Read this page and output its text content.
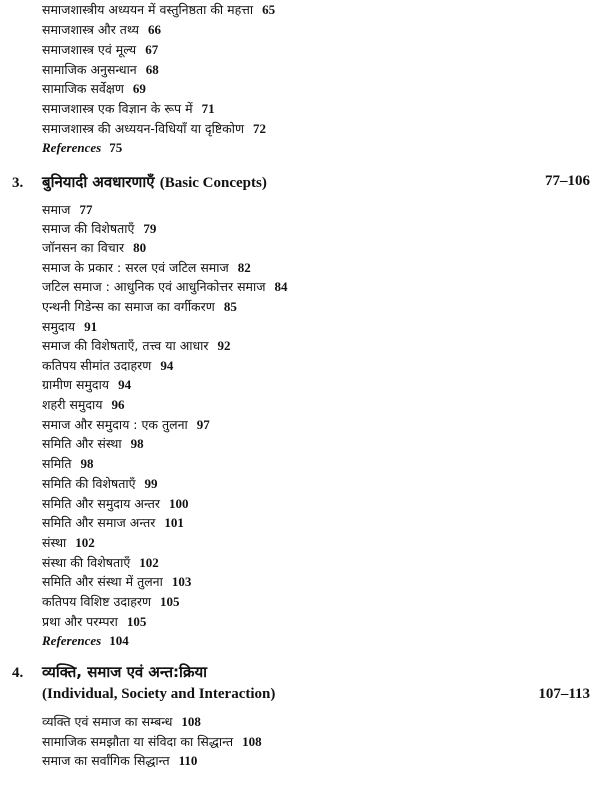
समाजशास्त्रीय अध्ययन में वस्तुनिष्ठता की महत्ता 65
समाजशास्त्र और तथ्य 66
समाजशास्त्र एवं मूल्य 67
सामाजिक अनुसन्धान 68
सामाजिक सर्वेक्षण 69
समाजशास्त्र एक विज्ञान के रूप में 71
समाजशास्त्र की अध्ययन-विधियाँ या दृष्टिकोण 72
References 75
3. बुनियादी अवधारणाएँ (Basic Concepts)	77–106
समाज 77
समाज की विशेषताएँ 79
जॉनसन का विचार 80
समाज के प्रकार : सरल एवं जटिल समाज 82
जटिल समाज : आधुनिक एवं आधुनिकोत्तर समाज 84
एन्थनी गिडेन्स का समाज का वर्गीकरण 85
समुदाय 91
समाज की विशेषताएँ, तत्त्व या आधार 92
कतिपय सीमांत उदाहरण 94
ग्रामीण समुदाय 94
शहरी समुदाय 96
समाज और समुदाय : एक तुलना 97
समिति और संस्था 98
समिति 98
समिति की विशेषताएँ 99
समिति और समुदाय अन्तर 100
समिति और समाज अन्तर 101
संस्था 102
संस्था की विशेषताएँ 102
समिति और संस्था में तुलना 103
कतिपय विशिष्ट उदाहरण 105
प्रथा और परम्परा 105
References 104
4. व्यक्ति, समाज एवं अन्त:क्रिया
(Individual, Society and Interaction)	107–113
व्यक्ति एवं समाज का सम्बन्ध 108
सामाजिक समझौता या संविदा का सिद्धान्त 108
समाज का सर्वांगिक सिद्धान्त 110
